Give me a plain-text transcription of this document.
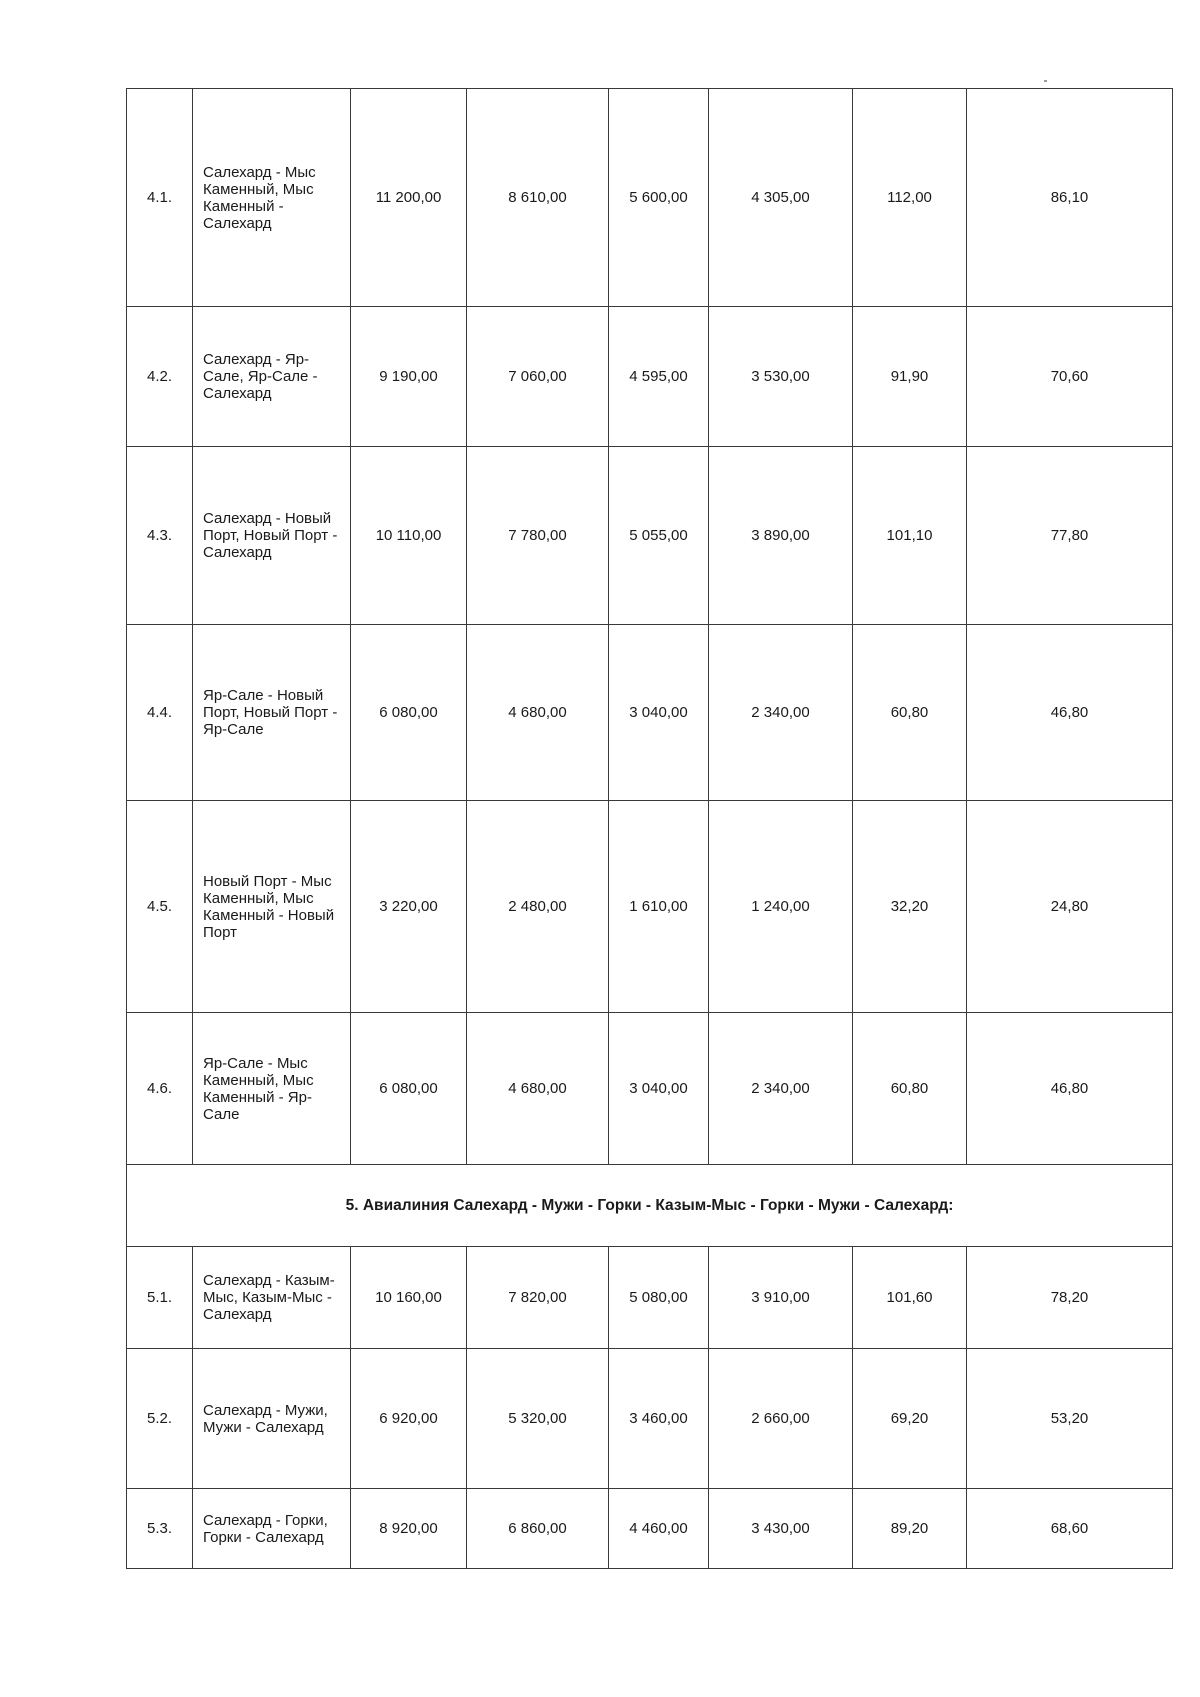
4.1.	Салехард - Мыс Каменный, Мыс Каменный - Салехард	11 200,00	8 610,00	5 600,00	4 305,00	112,00	86,10
4.2.	Салехард - Яр-Сале, Яр-Сале - Салехард	9 190,00	7 060,00	4 595,00	3 530,00	91,90	70,60
4.3.	Салехард - Новый Порт, Новый Порт - Салехард	10 110,00	7 780,00	5 055,00	3 890,00	101,10	77,80
4.4.	Яр-Сале - Новый Порт, Новый Порт - Яр-Сале	6 080,00	4 680,00	3 040,00	2 340,00	60,80	46,80
4.5.	Новый Порт - Мыс Каменный, Мыс Каменный - Новый Порт	3 220,00	2 480,00	1 610,00	1 240,00	32,20	24,80
4.6.	Яр-Сале - Мыс Каменный, Мыс Каменный - Яр-Сале	6 080,00	4 680,00	3 040,00	2 340,00	60,80	46,80
5. Авиалиния Салехард - Мужи - Горки - Казым-Мыс - Горки - Мужи - Салехард:							
5.1.	Салехард - Казым-Мыс, Казым-Мыс - Салехард	10 160,00	7 820,00	5 080,00	3 910,00	101,60	78,20
5.2.	Салехард - Мужи, Мужи - Салехард	6 920,00	5 320,00	3 460,00	2 660,00	69,20	53,20
5.3.	Салехард - Горки, Горки - Салехард	8 920,00	6 860,00	4 460,00	3 430,00	89,20	68,60
